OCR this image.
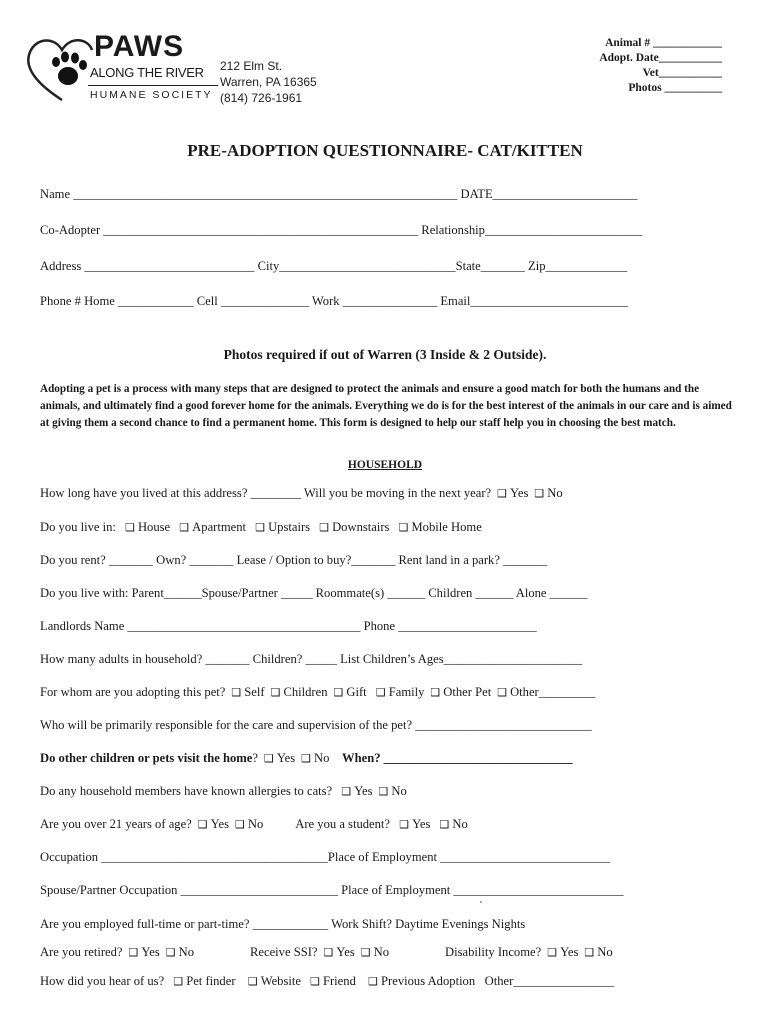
PAWS
ALONG THE RIVER
HUMANE SOCIETY
212 Elm St.
Warren, PA 16365
(814) 726-1961
Animal # ____________
Adopt. Date___________
Vet___________
Photos __________
PRE-ADOPTION QUESTIONNAIRE- CAT/KITTEN
Name _____________________________________________________________ DATE_______________________
Co-Adopter __________________________________________________ Relationship_________________________
Address ___________________________ City____________________________State_______ Zip_____________
Phone # Home ____________ Cell ______________ Work _______________ Email_________________________
Photos required if out of Warren (3 Inside & 2 Outside).
Adopting a pet is a process with many steps that are designed to protect the animals and ensure a good match for both the humans and the animals, and ultimately find a good forever home for the animals. Everything we do is for the best interest of the animals in our care and is aimed at giving them a second chance to find a permanent home. This form is designed to help our staff help you in choosing the best match.
HOUSEHOLD
How long have you lived at this address? ________ Will you be moving in the next year? ❑ Yes ❑ No
Do you live in: ❑ House ❑ Apartment ❑ Upstairs ❑ Downstairs ❑ Mobile Home
Do you rent? _______ Own? _______ Lease / Option to buy?_______ Rent land in a park? _______
Do you live with: Parent______Spouse/Partner _____ Roommate(s) ______ Children ______ Alone ______
Landlords Name _____________________________________ Phone ______________________
How many adults in household? _______ Children? _____ List Children’s Ages______________________
For whom are you adopting this pet? ❑ Self ❑ Children ❑ Gift ❑ Family ❑ Other Pet ❑ Other_________
Who will be primarily responsible for the care and supervision of the pet? ____________________________
Do other children or pets visit the home? ❑ Yes ❑ No When? ______________________________
Do any household members have known allergies to cats? ❑ Yes ❑ No
Are you over 21 years of age? ❑ Yes ❑ No	Are you a student? ❑ Yes ❑ No
Occupation ____________________________________Place of Employment ___________________________
Spouse/Partner Occupation _________________________ Place of Employment ___________________________
Are you employed full-time or part-time? ____________ Work Shift? Daytime Evenings Nights
Are you retired? ❑ Yes ❑ No	Receive SSI? ❑ Yes ❑ No	Disability Income? ❑ Yes ❑ No
How did you hear of us? ❑ Pet finder ❑ Website ❑ Friend ❑ Previous Adoption Other________________
